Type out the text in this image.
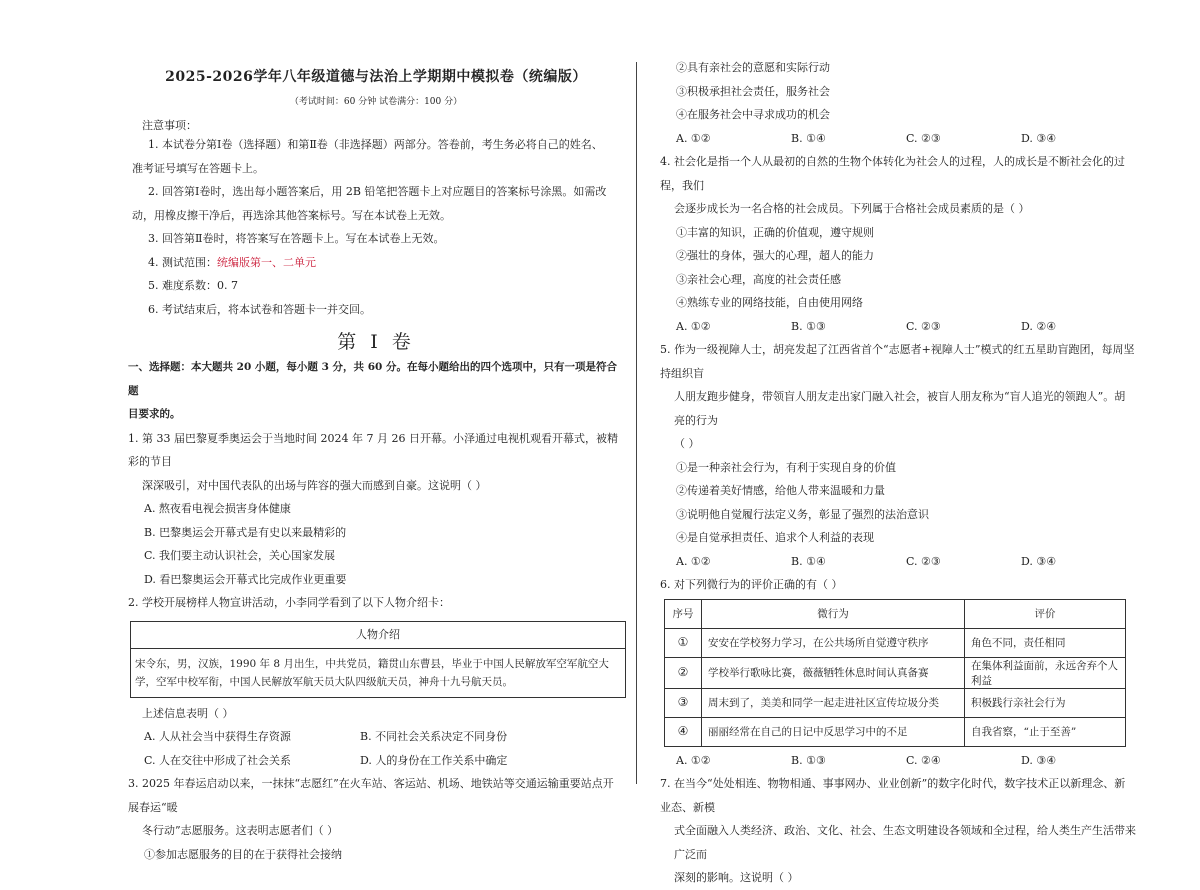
2025-2026学年八年级道德与法治上学期期中模拟卷（统编版）
（考试时间：60 分钟 试卷满分：100 分）
注意事项：
1. 本试卷分第Ⅰ卷（选择题）和第Ⅱ卷（非选择题）两部分。答卷前，考生务必将自己的姓名、
准考证号填写在答题卡上。
2. 回答第Ⅰ卷时，选出每小题答案后，用 2B 铅笔把答题卡上对应题目的答案标号涂黑。如需改
动，用橡皮擦干净后，再选涂其他答案标号。写在本试卷上无效。
3. 回答第Ⅱ卷时，将答案写在答题卡上。写在本试卷上无效。
4. 测试范围：统编版第一、二单元
5. 难度系数：0. 7
6. 考试结束后，将本试卷和答题卡一并交回。
第 I 卷
一、选择题：本大题共 20 小题，每小题 3 分，共 60 分。在每小题给出的四个选项中，只有一项是符合题
目要求的。
1. 第 33 届巴黎夏季奥运会于当地时间 2024 年 7 月 26 日开幕。小泽通过电视机观看开幕式，被精彩的节目
深深吸引，对中国代表队的出场与阵容的强大而感到自豪。这说明（ ）
A. 熬夜看电视会损害身体健康
B. 巴黎奥运会开幕式是有史以来最精彩的
C. 我们要主动认识社会，关心国家发展
D. 看巴黎奥运会开幕式比完成作业更重要
2. 学校开展榜样人物宣讲活动，小李同学看到了以下人物介绍卡：
人物介绍
宋令东，男，汉族，1990 年 8 月出生，中共党员，籍贯山东曹县，毕业于中国人民解放军空军航空大
学，空军中校军衔，中国人民解放军航天员大队四级航天员，神舟十九号航天员。
上述信息表明（ ）
A. 人从社会当中获得生存资源	B. 不同社会关系决定不同身份
C. 人在交往中形成了社会关系	D. 人的身份在工作关系中确定
3. 2025 年春运启动以来，一抹抹“志愿红”在火车站、客运站、机场、地铁站等交通运输重要站点开展春运“暖
冬行动”志愿服务。这表明志愿者们（ ）
①参加志愿服务的目的在于获得社会接纳
②具有亲社会的意愿和实际行动
③积极承担社会责任，服务社会
④在服务社会中寻求成功的机会
A. ①②	B. ①④	C. ②③	D. ③④
4. 社会化是指一个人从最初的自然的生物个体转化为社会人的过程，人的成长是不断社会化的过程，我们
会逐步成长为一名合格的社会成员。下列属于合格社会成员素质的是（ ）
①丰富的知识，正确的价值观，遵守规则
②强壮的身体，强大的心理，超人的能力
③亲社会心理，高度的社会责任感
④熟练专业的网络技能，自由使用网络
A. ①②	B. ①③	C. ②③	D. ②④
5. 作为一级视障人士，胡亮发起了江西省首个“志愿者+视障人士”模式的红五星助盲跑团，每周坚持组织盲
人朋友跑步健身，带领盲人朋友走出家门融入社会，被盲人朋友称为“盲人追光的领跑人”。胡亮的行为
（ ）
①是一种亲社会行为，有利于实现自身的价值
②传递着美好情感，给他人带来温暖和力量
③说明他自觉履行法定义务，彰显了强烈的法治意识
④是自觉承担责任、追求个人利益的表现
A. ①②	B. ①④	C. ②③	D. ③④
6. 对下列微行为的评价正确的有（ ）
序号	微行为	评价
①	安安在学校努力学习，在公共场所自觉遵守秩序	角色不同，责任相同
②	学校举行歌咏比赛，薇薇牺牲休息时间认真备赛	在集体利益面前，永远舍弃个人利益
③	周末到了，美美和同学一起走进社区宣传垃圾分类	积极践行亲社会行为
④	丽丽经常在自己的日记中反思学习中的不足	自我省察，“止于至善”
A. ①②	B. ①③	C. ②④	D. ③④
7. 在当今“处处相连、物物相通、事事网办、业业创新”的数字化时代，数字技术正以新理念、新业态、新模
式全面融入人类经济、政治、文化、社会、生态文明建设各领域和全过程，给人类生产生活带来广泛而
深刻的影响。这说明（ ）
